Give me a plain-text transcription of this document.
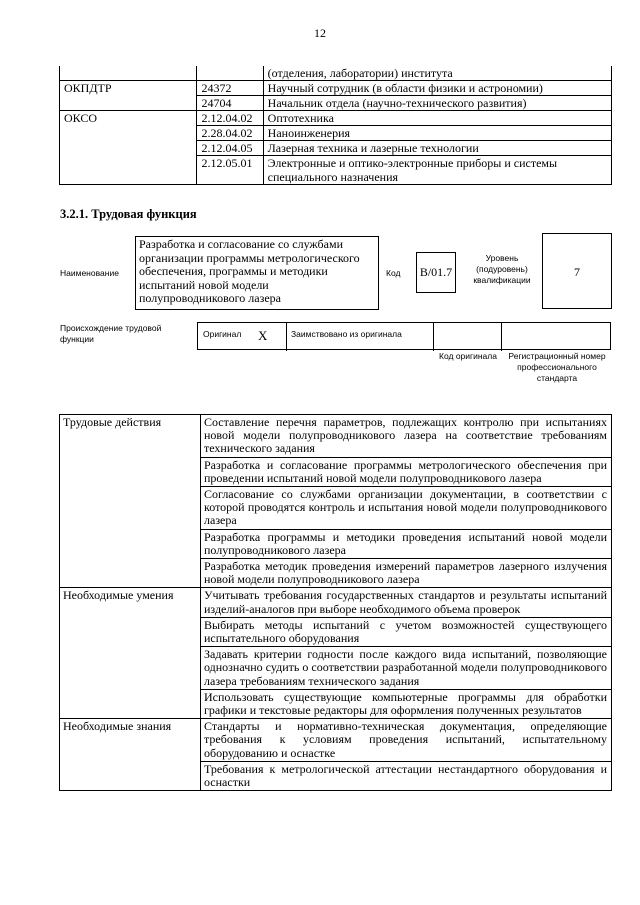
12
		(отделения, лаборатории) института
ОКПДТР	24372	Научный сотрудник (в области физики и астрономии)
	24704	Начальник отдела (научно-технического развития)
ОКСО	2.12.04.02	Оптотехника
	2.28.04.02	Наноинженерия
	2.12.04.05	Лазерная техника и лазерные технологии
	2.12.05.01	Электронные и оптико-электронные приборы и системы специального назначения
3.2.1. Трудовая функция
Наименование
Разработка и согласование со службами организации программы метрологического обеспечения, программы и методики испытаний новой модели полупроводникового лазера
Код	B/01.7
Уровень (подуровень) квалификации
7
Происхождение трудовой функции	Оригинал	X	Заимствовано из оригинала
Код оригинала	Регистрационный номер профессионального стандарта
Трудовые действия	Составление перечня параметров, подлежащих контролю при испытаниях новой модели полупроводникового лазера на соответствие требованиям технического задания
	Разработка и согласование программы метрологического обеспечения при проведении испытаний новой модели полупроводникового лазера
	Согласование со службами организации документации, в соответствии с которой проводятся контроль и испытания новой модели полупроводникового лазера
	Разработка программы и методики проведения испытаний новой модели полупроводникового лазера
	Разработка методик проведения измерений параметров лазерного излучения новой модели полупроводникового лазера
Необходимые умения	Учитывать требования государственных стандартов и результаты испытаний изделий-аналогов при выборе необходимого объема проверок
	Выбирать методы испытаний с учетом возможностей существующего испытательного оборудования
	Задавать критерии годности после каждого вида испытаний, позволяющие однозначно судить о соответствии разработанной модели полупроводникового лазера требованиям технического задания
	Использовать существующие компьютерные программы для обработки графики и текстовые редакторы для оформления полученных результатов
Необходимые знания	Стандарты и нормативно-техническая документация, определяющие требования к условиям проведения испытаний, испытательному оборудованию и оснастке
	Требования к метрологической аттестации нестандартного оборудования и оснастки
